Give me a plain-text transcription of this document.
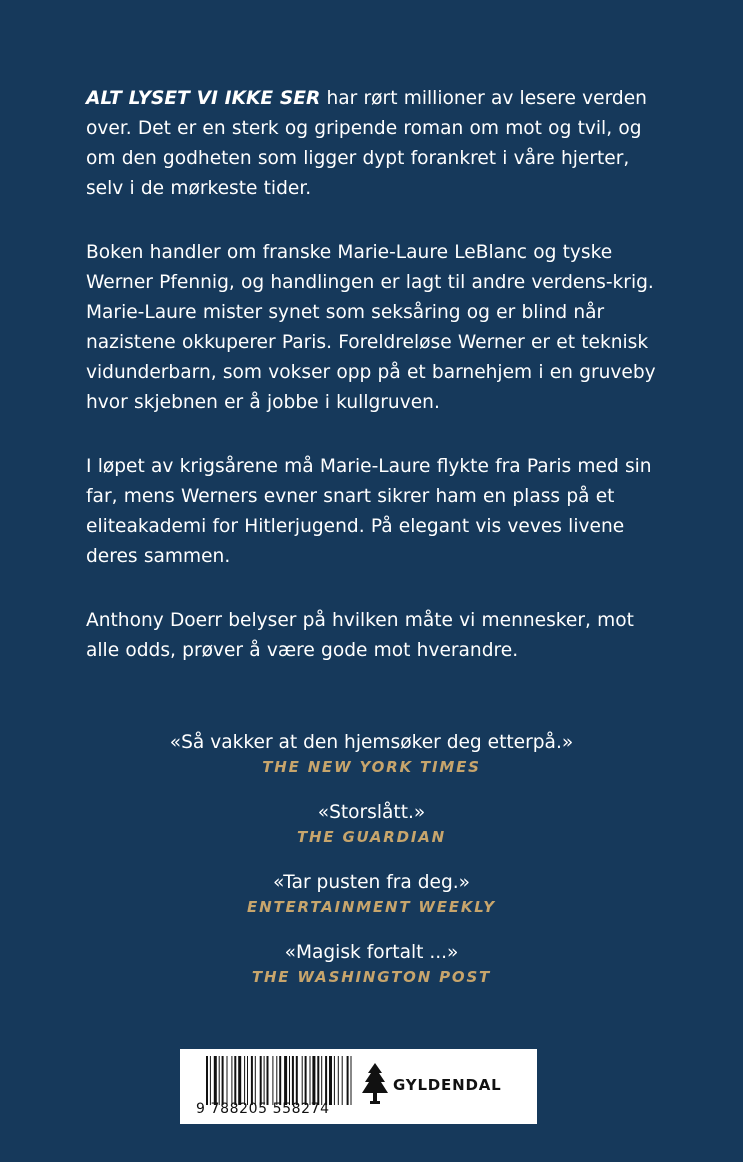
ALT LYSET VI IKKE SER har rørt millioner av lesere verden over. Det er en sterk og gripende roman om mot og tvil, og om den godheten som ligger dypt forankret i våre hjerter, selv i de mørkeste tider.

Boken handler om franske Marie-Laure LeBlanc og tyske Werner Pfennig, og handlingen er lagt til andre verdens-krig. Marie-Laure mister synet som seksåring og er blind når nazistene okkuperer Paris. Foreldreløse Werner er et teknisk vidunderbarn, som vokser opp på et barnehjem i en gruveby hvor skjebnen er å jobbe i kullgruven.

I løpet av krigsårene må Marie-Laure flykte fra Paris med sin far, mens Werners evner snart sikrer ham en plass på et eliteakademi for Hitlerjugend. På elegant vis veves livene deres sammen.

Anthony Doerr belyser på hvilken måte vi mennesker, mot alle odds, prøver å være gode mot hverandre.

«Så vakker at den hjemsøker deg etterpå.»
THE NEW YORK TIMES
«Storslått.»
THE GUARDIAN
«Tar pusten fra deg.»
ENTERTAINMENT WEEKLY
«Magisk fortalt ...»
THE WASHINGTON POST
9 788205 558274
GYLDENDAL
